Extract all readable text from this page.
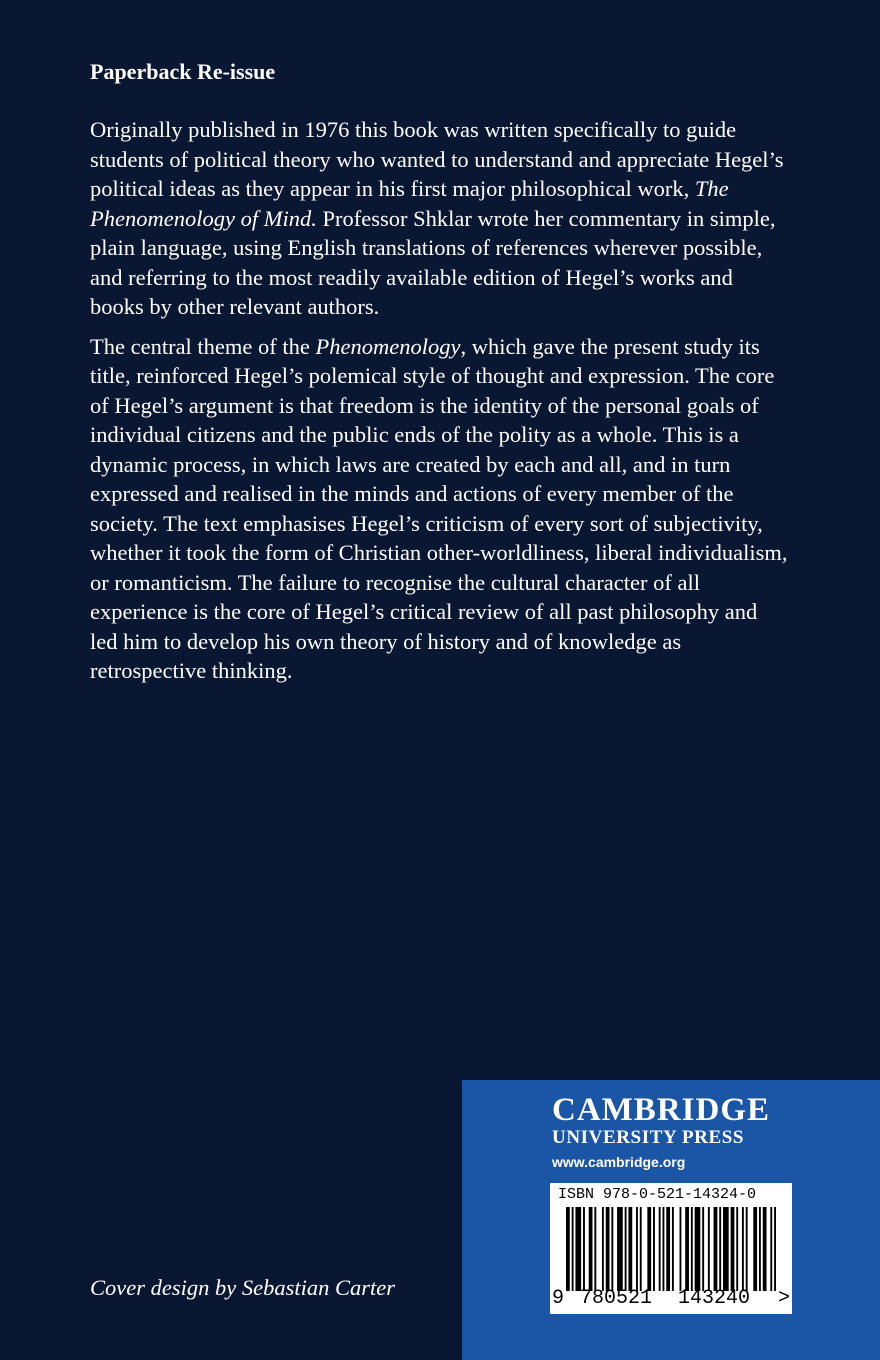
Paperback Re-issue

Originally published in 1976 this book was written specifically to guide students of political theory who wanted to understand and appreciate Hegel’s political ideas as they appear in his first major philosophical work, The Phenomenology of Mind. Professor Shklar wrote her commentary in simple, plain language, using English translations of references wherever possible, and referring to the most readily available edition of Hegel’s works and books by other relevant authors.

The central theme of the Phenomenology, which gave the present study its title, reinforced Hegel’s polemical style of thought and expression. The core of Hegel’s argument is that freedom is the identity of the personal goals of individual citizens and the public ends of the polity as a whole. This is a dynamic process, in which laws are created by each and all, and in turn expressed and realised in the minds and actions of every member of the society. The text emphasises Hegel’s criticism of every sort of subjectivity, whether it took the form of Christian other-worldliness, liberal individualism, or romanticism. The failure to recognise the cultural character of all experience is the core of Hegel’s critical review of all past philosophy and led him to develop his own theory of history and of knowledge as retrospective thinking.

Cover design by Sebastian Carter
CAMBRIDGE
UNIVERSITY PRESS
www.cambridge.org
ISBN 978-0-521-14324-0
9 780521 143240 >
